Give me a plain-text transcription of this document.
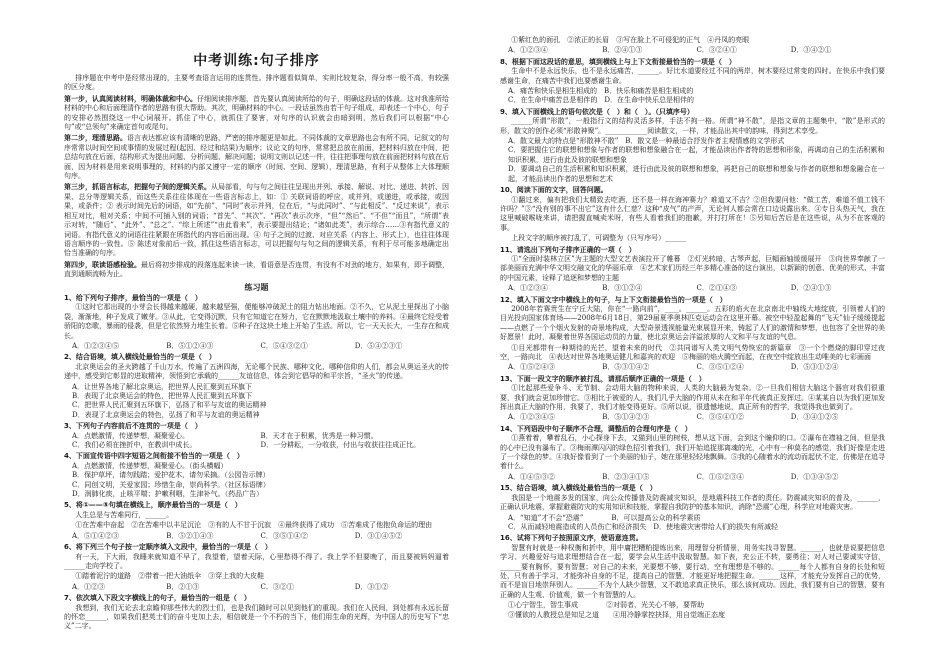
中考训练:句子排序

排序题在中考中是经常出现的，主要考查语言运用的连贯性。排序题看似简单，实则比较复杂，得分率一般不高，有较强的区分度。

第一步，认真阅读材料，明确体裁和中心。仔细阅读排序题，首先要认真阅读所给的句子，明确这段话的体裁。这对我准所给材料的中心和后面理清作者的思路有很大帮助。其次，明确材料的中心。一段话虽然由若干句子组成，却表述一个中心，句子的安排必然围绕这一中心词展开。抓住了中心，就抓住了要害，对句序的认识就会由暗到明，然后我们可以根据“中心句”或“总领句”来确定首句或尾句。

第二步，理清思路。语言表达都应该有清晰的思路，严密的排序题更是如此。不同体裁的文章思路也会有所不同，记叙文的句序常常以时间空间或事情的发展过程(起因、经过和结果)为顺序；议论文的句序，常常把总放在前面，把材料归放在中间，把总结句放在后面，结构形式为提出问题、分析问题、解决问题；说明文则以记述一件，往往把事理句放在前面把材料句放在后面，因为材料是用来说明事理的，材料的内部又遵守一定的顺序（时间、空间、逻辑），理清思路，有利于从整体上大体理顺句序。

第三步，抓语言标志，把握句子间的逻辑关系。从局部看，句与句之间往往呈现出并列、承接、解说、对比、递进、转折、因果、总分等逻辑关系，而这些关系往往体现在一些语言标志上，如：① 关联词语的呼应，或并列，或递进，或承接，或因果，或条件；② 表示时间先后的词语，如“先前”、“同时”表示并列，位在后，“与此同时”、“与此相反”、“反过来说”，表示相互对比，相对关系；中间不可插入别的词语；“首先”、“其次”、“再次”表示次序，“但”“然后”、“不但”“而且”，“所谓”表示对转，“随后”、“此外”、“总之”、“综上所述”“由此看来”，表示要提出结论；“诸如此类”，表示综合……③有指代意义的词语。有指代意义的词语往往紧跟在所指代的内容后面出现。④ 句子之间的过渡、对应关系（内容上、形式上），也往往体现语言顺序的一致性。⑤ 陈述对象前后一致，抓住这些语言标志，可以把握句与句之间的逻辑关系，有利于尽可能多地确定出恰当准确的句序。

第四步，联读语感检验。最后将初步排成的段落连起来读一读，看语意是否连贯，有没有不对劲的地方，如果有，即予调整，直到通顺流畅为止。

练习题
1、给下列句子排序，最恰当的一项是（　）

①这时它那出现的小芽会长得越来越硬，越来越坚强，便能够冲破泥土的阻力钻出地面。②不久，它从泥土里探出了小脑袋，渐渐地，种子发成了嫩芽。③从此，它变得沉默，只有它知道它在努力，它在默默地汲取土壤中的养料。④最终它经受着骄阳的恋歌，暴雨的侵袭，但是它依然努力地生长着。⑤种子在这块土地上开始了生活。所以，它一天天长大，一生存在和成长。

A．①②③④⑤	B．⑤①②④③	C．⑤④③②①	D．⑤④②③①
2、结合语境，填入横线处最恰当的一项是（　）

北京奥运会的圣火跨越了千山万水，传遍了五洲四海，无论哪个民族、哪种文化、哪种信仰的人们，都会从奥运圣火的传递中，感受到它彰显的进取精神，领悟到它承载的______友谊信息，体会到它倡导的和平宗旨，“圣火”的传递。

A．让世界各地了解北京奥运，把世界人民汇聚到五环旗下
B．表现了北京奥运会的特色，把世界人民汇聚到五环旗下
C．把世界人民汇聚到五环旗下，弘扬了和平与友谊的奥运精神
D．表现了北京奥运会的特色，弘扬了和平与友谊的奥运精神
3、下列句子内容前后不连贯的一项是（　）
A．点燃激情，传递梦想，凝聚爱心。	B．天才在于积累，优秀是一种习惯。
C．我们必须在挫折中，在教训中成长。	D．一分耕耘，一分收获，付出与收获往往成正比。
4、下面宣传语中四字短语之间衔接不恰当的一项是（　）
A．点燃激情，传递梦想，凝聚爱心。（街头横幅）
B．保护草坪，请勿践踏；爱护花木，请勿采摘。（公园告示牌）
C．同创文明，关爱家园；珍惜生命，崇尚科学。（社区标语牌）
D．润肺化痰，止咳平喘；护嗽利咽，生津补气。（药品广告）
5、将①——⑤句填在横线上，顺序最恰当的一项是（　）

人生总是与苦难同行，______。

①在苦难中奋起　②在苦难中以丰足沉沦　③有的人不甘于沉寂　④最终获得了成功　⑤苦难成了他抱负命运的理由

A．⑤①④②③	B．⑤②①④③	C．③⑤①④②	D．③①④⑤②
6、将下列三个句子按一定顺序填入文段中，最恰当的一项是（　）

有一天，下大雨，我睡来就知道不早了，我望着，望着天际，心里愁得不得了。我上学不但要晚了，而且要被妈妈逼着______走向学校了。

①踏着泥泞的道路　②带着一把大油纸伞　③穿上我的大皮鞋

A．①②③	B．②①③	C．③②①	D．③①②
7、依次填入下段文字横线上的句子，最恰当的一组是（　）

我想到，我们无论去北京瞻仰那些伟大的烈士们，也是我们随时可以见到他们的重现。我们在人民间，到处都有永远长留的怀恋______，如果我们把英士们的奋斗史加上去，相信就是一个不朽的当下，他们用生命的光辉，为中国人的历史写下“忠义”二字。

①紫红色的面孔　②浓正的长眉　③写在脸上不可侵犯的正气　④丹凤的亮眼

A．①②③④	B．②④①③	C．③②④①	D．③④②①
8、根据下面这段话的意思，填到横线上与上下文衔接最恰当的一项是（　）

生命中不是永远快乐，也不是永远痛苦，______。好比水道要经过不同的两岸，树木要经过常变的四时。在快乐中我们要感谢生命，在痛苦中我们也要感谢生命。

A．痛苦和快乐是相生相成的　B．快乐和痛苦是相生相成的
C．在生命中痛苦总是相伴的　D．在生命中快乐总是相伴的
9、填入下面横线上的语句依次是（　）和（　）。（只填序号）

______所谓“形散”，一般指行文的结构灵活多样，手法不拘一格。所谓“神不散”，是指文章的主题集中，“散”是形式的形，散文的创作必须“形散神聚”。____________阅读散文，一样，才能品出其中的韵味，得到艺术享受。

A．散文最大的特点是“形散神不散”　B．散文是一种最适合抒发作者主观情感的文学形式
C．要把握住它的联想和想象与作者的联想和想象融合在一起，才能品读出作者特的思想和形象，再调动自己的生活积累和知识积累，进行由此及彼的联想和想象
D．要调动自己的生活积累和知识积累，进行由此及彼的联想和想象，再把自己的联想和想象与作者的联想和想象融合在一起，才能品读出作者的思想和艺术
10、阅读下面的文字，回答问题。

①翻过来，偏有把我们太精致去吃酒，还不是一样在海神赛力？难道又不吉？②但我要问他：“做工苦，难道不值工钱不许吗？”③“没有别的事不出它”这有什么仁慈？这种“皮气”的产声，无论何人都会常在口边说露出来。④专日头热天气，我在这里喊破喉咙来讲，请把握直喊卖米呀，有些人看着我们的抱歉，并打打所在！⑤另知后苦后是在这些说，从为不在客观的事。

上段文字的顺序被打乱了，可调整为（只写序号）______

11、请选出下列句子排序正确的一项（　）

①“全面时装林立区”为主题的大型文艺表演拉开了帷幕　②灯光转暗，古琴声起，巨幅画轴缓缓展开　③向世界奉献了一部美丽而充满中华文明交融文化的华丽乐章　④艺术家们历经三年多精心准备的这台演出，以新颖的创意、优美的形式、丰富的中国元素，诠释了追逐和梦想的主题

A．①②③④	B．③①②④	C．②①④③	D．②④①③
12、填入下面文字中横线上的句子，与上下文衔接最恰当的一项是（　）

2008年若赛贵生在宁丘大陆，你在“一路向前”，____。______。五彩的焰火在北京南北中轴线大地绽放，引领着人们的目光投向国家体育场——2008年6月18日，第29届夏季奥林匹克运动会在这里开幕。被空中轻盈起舞的“飞天”仙子缓缓提起——点燃了一个个烟火发射的奇景地构成，大型奇景透视能量光束展显开来，铸起了人们的激情和梦想，也包容了全世界的美好愿景！此时，凝聚着世界各国运动员的力量，使北京奥运会洋溢浓厚的人文和平与友谊的气息。

①目光都带有一种期待的光芒，望着未来的时代　②共同谱写人类文明气势恢宏的新篇章　③一个个燃烧的脚印穿过夜空，一路向北　④表达对世界各地奥运健儿和嘉宾的欢迎　⑤梅丽的焰火腾空而起，在夜空中绽放出生动唯美的七彩画面

A．①⑤②④③	B．⑤③①④②	C．③⑤①②④	D．⑤③①②④
13、下面一段文字的顺序被打乱，请那后顺序正确的一项是（　）

①比起那些爱争斗、无节制、会动用大脑的物种来说，人类的大脑最为复杂。②一旦我们相信大脑这个器官对我们很重要，我们就会更加珍惜它。③相比于被爱的人，我们几乎大脑的作用从未在和平年代被真正发挥过。④某某自以为我们更加发挥出真正大脑的作用，我要了，我们才能变得更好。⑤所以说，很遗憾地说，真正所有的哲学，我觉得我也做到了。

A．①②③④⑤	B．⑤①④②③	C．③⑤④①②	D．③④①②⑤
14、下列语段中句子顺序不合理，调整后的合理句序是（　）

①燕着着，攀着乱石，小心探身下去，又猫到山里的树枝，想从这下面，会到这个瞳仰的口。②瀑布在襟袖之间，但是我的心中已没有瀑布了。③梅雨潭闪闪的绿色招引着我们，我们开始追捉那离魂的光，心中有一种莫名的感觉，我们好像是走进了一个绿色的梦。④我好像看到了一个美丽的仙子，她在那里轻轻地飘舞。⑤我的心随着水的流动而起伏不定，仿佛是在追寻着什么。

A．①④⑤③②	B．②③④①⑤	C．①⑤②③④	D．①③④⑤②
15、结合语境，填入横线处最恰当的一项是（　）

我国是一个地震多发的国家，向公众传播普及防震减灾知识，是地震科技工作者的责任。防震减灾知识的普及，______，正确认识地震，掌握避震防灾的实用知识和技能，掌握自我防护的基本知识，消除“恐震”心理，科学应对地震灾害。

A．“知道”才不会“恐震”　　　　B．可以提高公众的科学素质
C．从而减轻地震造成的人员伤亡和经济损失　D．使地震灾害带给人们的损失有所减轻
16、试将下列句子按照原文序，使语意连贯。

智慧有时就是一种权衡和折中，用中庸把糟粕提炼出来，用理智分析情景，用务实找寻智慧。______，也就是说要把信息学习、兴趣爱好与追求理想结合在一起，要学会从生活中汲取智慧。如下表，充公正不转，要勇往；对人对己要诚实守信，______要有胸怀，要有智慧；对自己的未来，光要想不够，要行动，空有理想是不够的。______每个人都有自身的长处和短处，只有善于学习，才能弥补自身的不足，提高自己的智慧，才能更好地把握生命。______这样，才能充分发挥自己的优势，而不是盲目地崇拜别人。______不为个人缺少智慧，又不敢追求真正快乐，那么该何成功。因此，我们要有自己的智慧，要有正确的人生观、价值观，做一个有智慧的人。

①心宁智生，智生事成　　　　②对弱者，光关心不够，要帮助
③懂欲的人教授总是知足之道　　④用冷静掌控抉择，用自觉端正态度
